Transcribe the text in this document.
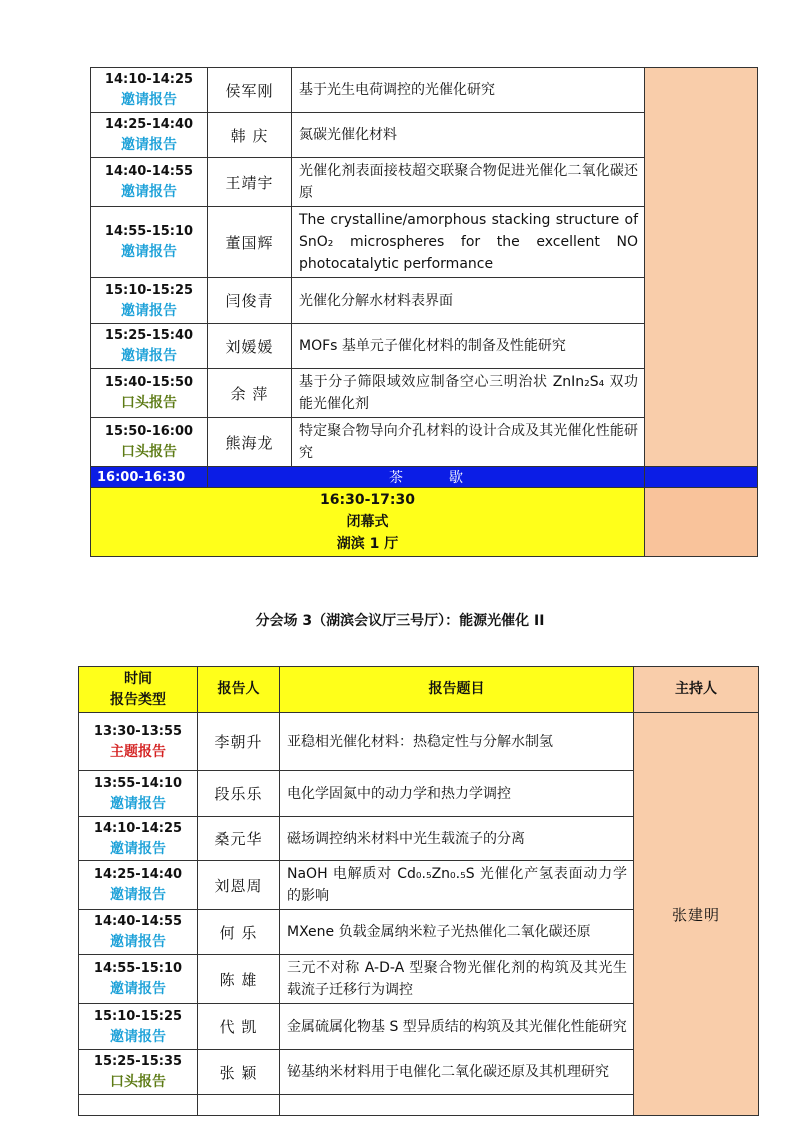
14:10-14:25
邀请报告	侯军刚	基于光生电荷调控的光催化研究	

14:25-14:40
邀请报告	韩 庆	氮碳光催化材料	

14:40-14:55
邀请报告	王靖宇	光催化剂表面接枝超交联聚合物促进光催化二氧化碳还原	

14:55-15:10
邀请报告	董国辉	The crystalline/amorphous stacking structure of SnO₂ microspheres for the excellent NO photocatalytic performance	

15:10-15:25
邀请报告	闫俊青	光催化分解水材料表界面	

15:25-15:40
邀请报告	刘媛媛	MOFs 基单元子催化材料的制备及性能研究	

15:40-15:50
口头报告	余 萍	基于分子筛限域效应制备空心三明治状 ZnIn₂S₄ 双功能光催化剂	

15:50-16:00
口头报告	熊海龙	特定聚合物导向介孔材料的设计合成及其光催化性能研究	
16:00-16:30	茶 歇		

16:30-17:30
闭幕式
湖滨 1 厅			

分会场 3（湖滨会议厅三号厅）：能源光催化 II
时间
报告类型	报告人	报告题目	主持人

13:30-13:55
主题报告	李朝升	亚稳相光催化材料：热稳定性与分解水制氢	张建明

13:55-14:10
邀请报告	段乐乐	电化学固氮中的动力学和热力学调控	

14:10-14:25
邀请报告	桑元华	磁场调控纳米材料中光生载流子的分离	

14:25-14:40
邀请报告	刘恩周	NaOH 电解质对 Cd₀.₅Zn₀.₅S 光催化产氢表面动力学的影响	

14:40-14:55
邀请报告	何 乐	MXene 负载金属纳米粒子光热催化二氧化碳还原	

14:55-15:10
邀请报告	陈 雄	三元不对称 A-D-A 型聚合物光催化剂的构筑及其光生载流子迁移行为调控	

15:10-15:25
邀请报告	代 凯	金属硫属化物基 S 型异质结的构筑及其光催化性能研究	

15:25-15:35
口头报告	张 颖	铋基纳米材料用于电催化二氧化碳还原及其机理研究	
